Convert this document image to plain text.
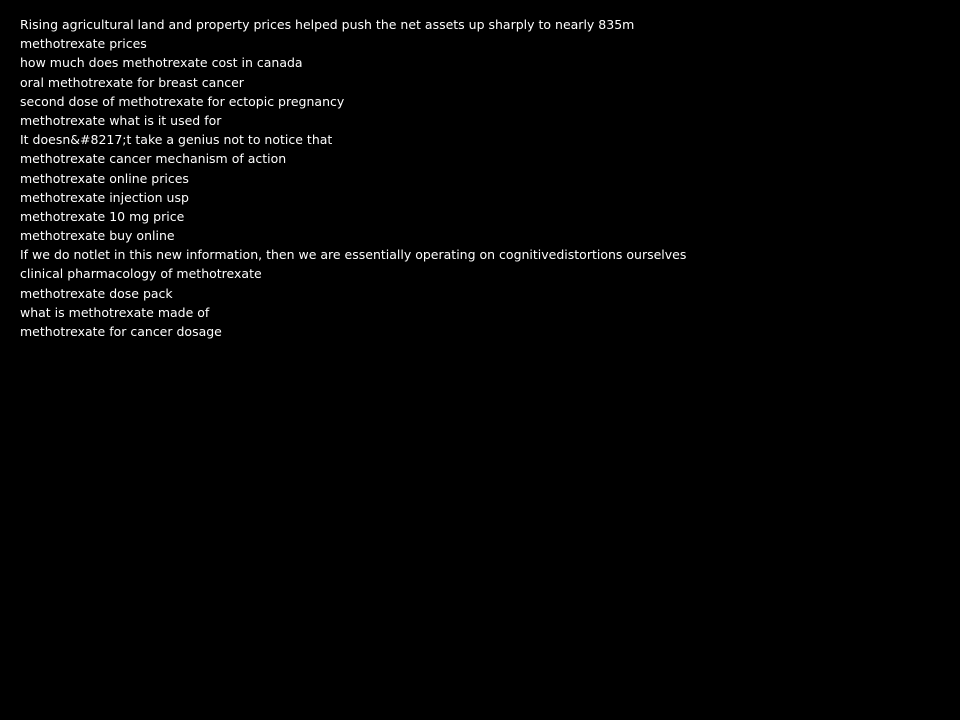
Rising agricultural land and property prices helped push the net assets up sharply to nearly 835m
methotrexate prices
how much does methotrexate cost in canada
oral methotrexate for breast cancer
second dose of methotrexate for ectopic pregnancy
methotrexate what is it used for
It doesn&#8217;t take a genius not to notice that
methotrexate cancer mechanism of action
methotrexate online prices
methotrexate injection usp
methotrexate 10 mg price
methotrexate buy online
If we do notlet in this new information, then we are essentially operating on cognitivedistortions ourselves
clinical pharmacology of methotrexate
methotrexate dose pack
what is methotrexate made of
methotrexate for cancer dosage
